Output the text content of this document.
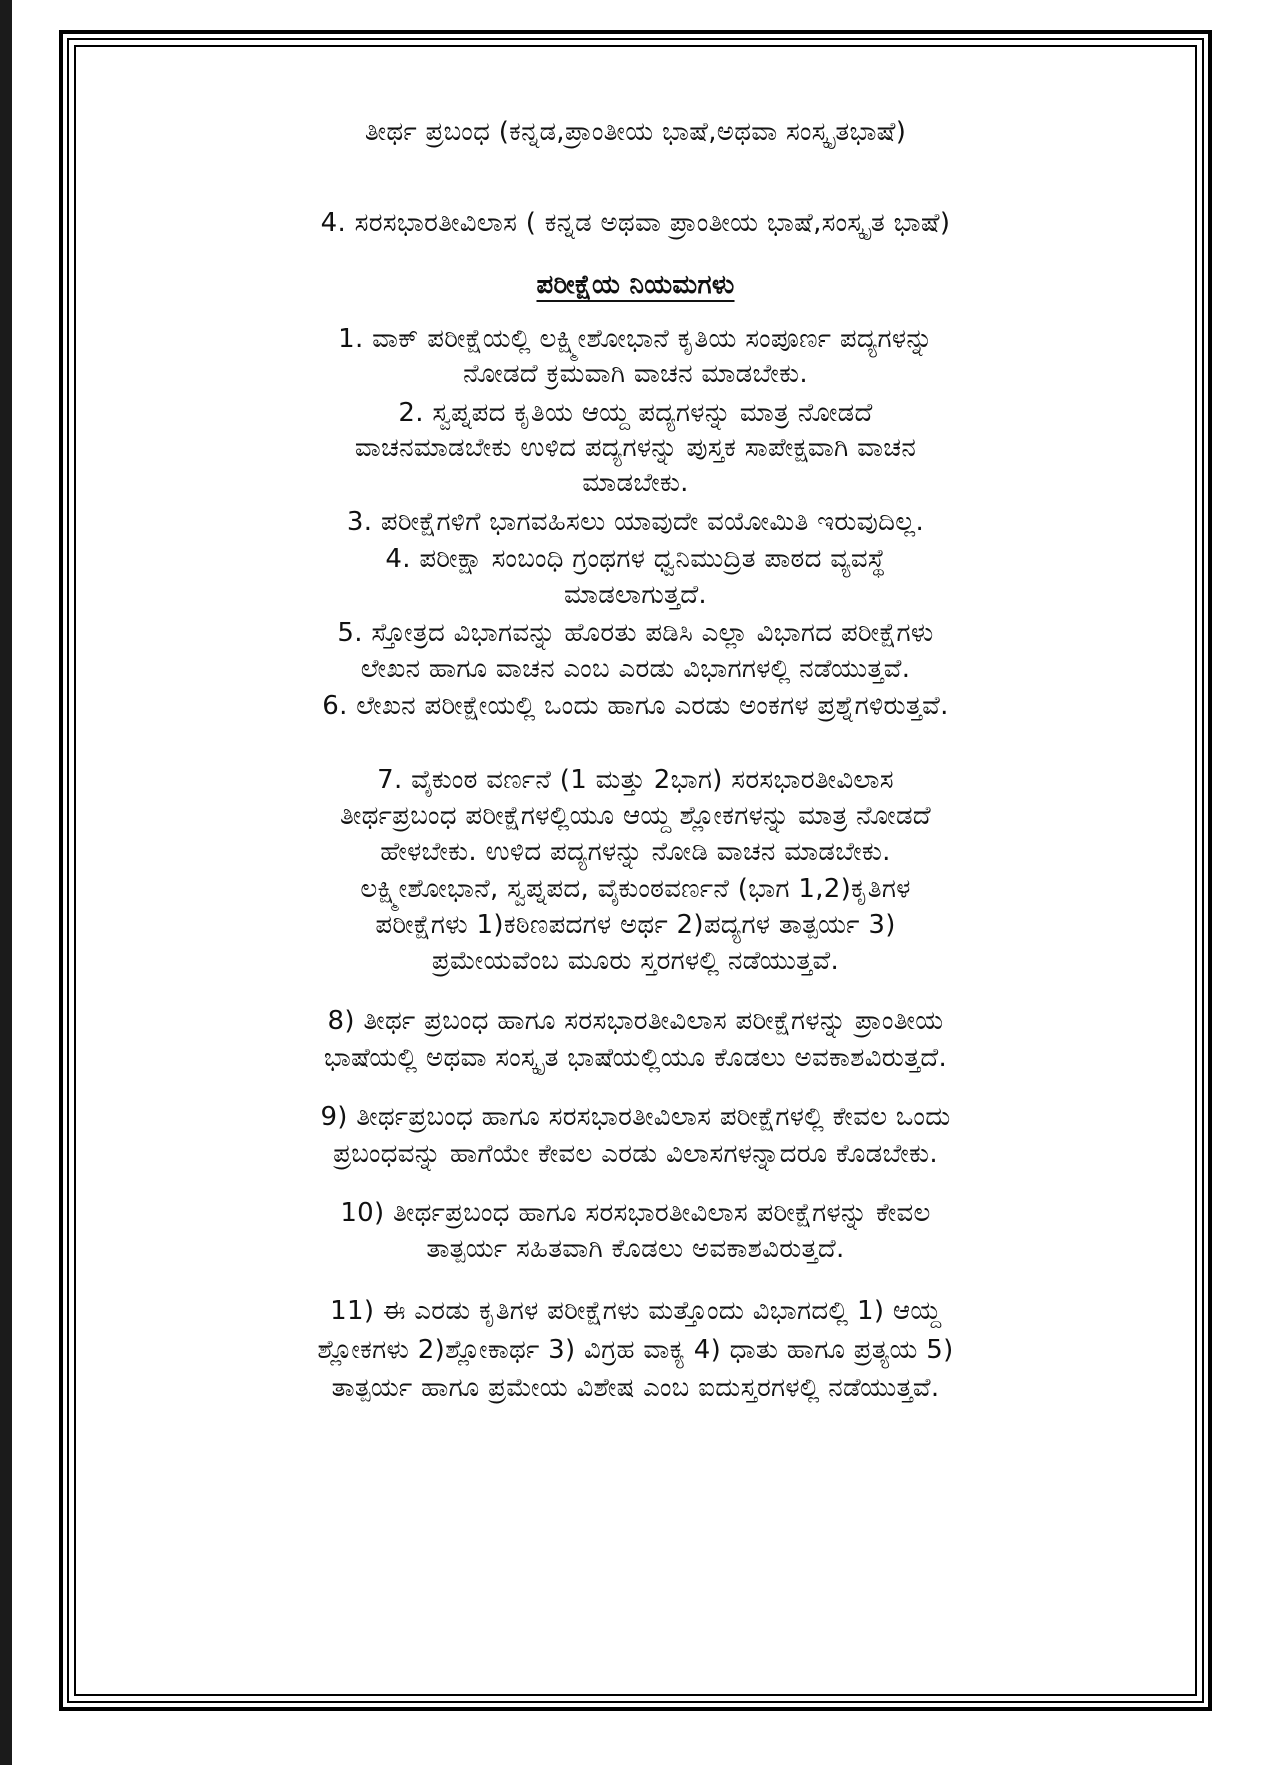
ತೀರ್ಥ ಪ್ರಬಂಧ (ಕನ್ನಡ,ಪ್ರಾಂತೀಯ ಭಾಷೆ,ಅಥವಾ ಸಂಸ್ಕೃತಭಾಷೆ)
4. ಸರಸಭಾರತೀವಿಲಾಸ ( ಕನ್ನಡ ಅಥವಾ ಪ್ರಾಂತೀಯ ಭಾಷೆ,ಸಂಸ್ಕೃತ ಭಾಷೆ)
ಪರೀಕ್ಷೆಯ ನಿಯಮಗಳು
1. ವಾಕ್ ಪರೀಕ್ಷೆಯಲ್ಲಿ ಲಕ್ಷ್ಮೀಶೋಭಾನೆ ಕೃತಿಯ ಸಂಪೂರ್ಣ ಪದ್ಯಗಳನ್ನು
ನೋಡದೆ ಕ್ರಮವಾಗಿ ವಾಚನ ಮಾಡಬೇಕು.
2. ಸ್ವಪ್ನಪದ ಕೃತಿಯ ಆಯ್ದ ಪದ್ಯಗಳನ್ನು ಮಾತ್ರ ನೋಡದೆ
ವಾಚನಮಾಡಬೇಕು ಉಳಿದ ಪದ್ಯಗಳನ್ನು ಪುಸ್ತಕ ಸಾಪೇಕ್ಷವಾಗಿ ವಾಚನ
ಮಾಡಬೇಕು.
3. ಪರೀಕ್ಷೆಗಳಿಗೆ ಭಾಗವಹಿಸಲು ಯಾವುದೇ ವಯೋಮಿತಿ ಇರುವುದಿಲ್ಲ.
4. ಪರೀಕ್ಷಾ ಸಂಬಂಧಿ ಗ್ರಂಥಗಳ ಧ್ವನಿಮುದ್ರಿತ ಪಾಠದ ವ್ಯವಸ್ಥೆ
ಮಾಡಲಾಗುತ್ತದೆ.
5. ಸ್ತೋತ್ರದ ವಿಭಾಗವನ್ನು ಹೊರತು ಪಡಿಸಿ ಎಲ್ಲಾ ವಿಭಾಗದ ಪರೀಕ್ಷೆಗಳು
ಲೇಖನ ಹಾಗೂ ವಾಚನ ಎಂಬ ಎರಡು ವಿಭಾಗಗಳಲ್ಲಿ ನಡೆಯುತ್ತವೆ.
6. ಲೇಖನ ಪರೀಕ್ಷೇಯಲ್ಲಿ ಒಂದು ಹಾಗೂ ಎರಡು ಅಂಕಗಳ ಪ್ರಶ್ನೆಗಳಿರುತ್ತವೆ.
7. ವೈಕುಂಠ ವರ್ಣನೆ (1 ಮತ್ತು 2ಭಾಗ) ಸರಸಭಾರತೀವಿಲಾಸ
ತೀರ್ಥಪ್ರಬಂಧ ಪರೀಕ್ಷೆಗಳಲ್ಲಿಯೂ ಆಯ್ದ ಶ್ಲೋಕಗಳನ್ನು ಮಾತ್ರ ನೋಡದೆ
ಹೇಳಬೇಕು. ಉಳಿದ ಪದ್ಯಗಳನ್ನು ನೋಡಿ ವಾಚನ ಮಾಡಬೇಕು.
ಲಕ್ಷ್ಮೀಶೋಭಾನೆ, ಸ್ವಪ್ನಪದ, ವೈಕುಂಠವರ್ಣನೆ (ಭಾಗ 1,2)ಕೃತಿಗಳ
ಪರೀಕ್ಷೆಗಳು 1)ಕಠಿಣಪದಗಳ ಅರ್ಥ 2)ಪದ್ಯಗಳ ತಾತ್ಪರ್ಯ 3)
ಪ್ರಮೇಯವೆಂಬ ಮೂರು ಸ್ತರಗಳಲ್ಲಿ ನಡೆಯುತ್ತವೆ.
8) ತೀರ್ಥ ಪ್ರಬಂಧ ಹಾಗೂ ಸರಸಭಾರತೀವಿಲಾಸ ಪರೀಕ್ಷೆಗಳನ್ನು ಪ್ರಾಂತೀಯ
ಭಾಷೆಯಲ್ಲಿ ಅಥವಾ ಸಂಸ್ಕೃತ ಭಾಷೆಯಲ್ಲಿಯೂ ಕೊಡಲು ಅವಕಾಶವಿರುತ್ತದೆ.
9) ತೀರ್ಥಪ್ರಬಂಧ ಹಾಗೂ ಸರಸಭಾರತೀವಿಲಾಸ ಪರೀಕ್ಷೆಗಳಲ್ಲಿ ಕೇವಲ ಒಂದು
ಪ್ರಬಂಧವನ್ನು ಹಾಗೆಯೇ ಕೇವಲ ಎರಡು ವಿಲಾಸಗಳನ್ನಾದರೂ ಕೊಡಬೇಕು.
10) ತೀರ್ಥಪ್ರಬಂಧ ಹಾಗೂ ಸರಸಭಾರತೀವಿಲಾಸ ಪರೀಕ್ಷೆಗಳನ್ನು ಕೇವಲ
ತಾತ್ಪರ್ಯ ಸಹಿತವಾಗಿ ಕೊಡಲು ಅವಕಾಶವಿರುತ್ತದೆ.
11) ಈ ಎರಡು ಕೃತಿಗಳ ಪರೀಕ್ಷೆಗಳು ಮತ್ತೊಂದು ವಿಭಾಗದಲ್ಲಿ 1) ಆಯ್ದ
ಶ್ಲೋಕಗಳು 2)ಶ್ಲೋಕಾರ್ಥ 3) ವಿಗ್ರಹ ವಾಕ್ಯ 4) ಧಾತು ಹಾಗೂ ಪ್ರತ್ಯಯ 5)
ತಾತ್ಪರ್ಯ ಹಾಗೂ ಪ್ರಮೇಯ ವಿಶೇಷ ಎಂಬ ಐದುಸ್ತರಗಳಲ್ಲಿ ನಡೆಯುತ್ತವೆ.
